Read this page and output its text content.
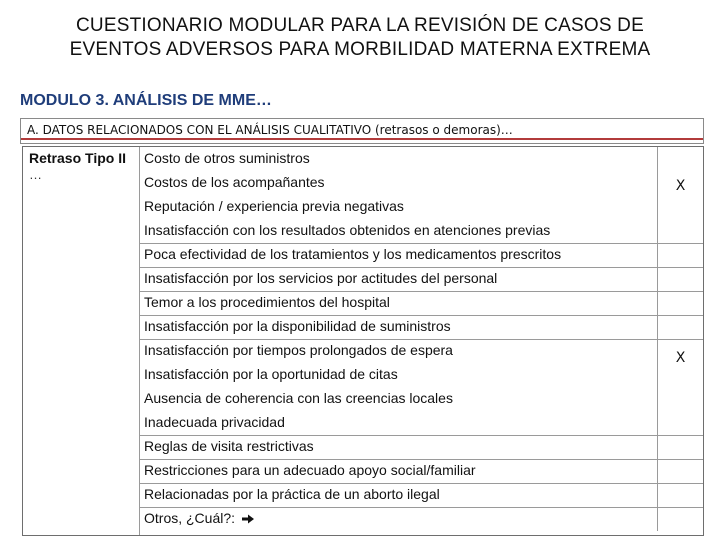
CUESTIONARIO MODULAR PARA LA REVISIÓN DE CASOS DE
EVENTOS ADVERSOS PARA MORBILIDAD MATERNA EXTREMA
MODULO 3. ANÁLISIS DE MME…
A. DATOS RELACIONADOS CON EL ANÁLISIS CUALITATIVO (retrasos o demoras)…
Retraso Tipo II
…
Costo de otros suministros
Costos de los acompañantes
Reputación / experiencia previa negativas
Insatisfacción con los resultados obtenidos en atenciones previas
Poca efectividad de los tratamientos y los medicamentos prescritos
Insatisfacción por los servicios por actitudes del personal
Temor a los procedimientos del hospital
Insatisfacción por la disponibilidad de suministros
Insatisfacción por tiempos prolongados de espera
Insatisfacción por la oportunidad de citas
Ausencia de coherencia con las creencias locales
Inadecuada privacidad
Reglas de visita restrictivas
Restricciones para un adecuado apoyo social/familiar
Relacionadas por la práctica de un aborto ilegal
Otros, ¿Cuál?:
X
X
